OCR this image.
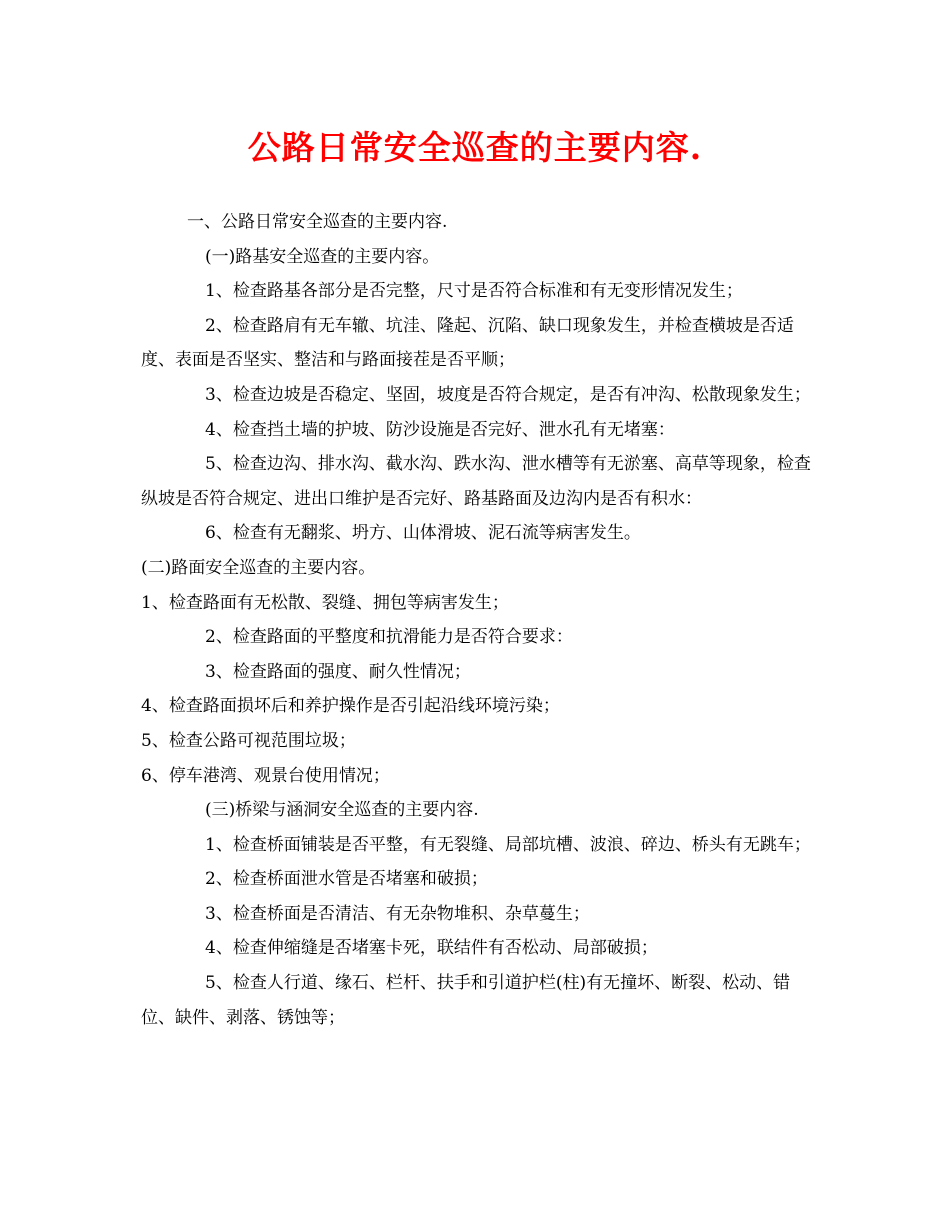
公路日常安全巡查的主要内容.

一、公路日常安全巡查的主要内容.

(一)路基安全巡查的主要内容。

1、检查路基各部分是否完整，尺寸是否符合标准和有无变形情况发生；

2、检查路肩有无车辙、坑洼、隆起、沉陷、缺口现象发生，并检查横坡是否适度、表面是否坚实、整洁和与路面接茬是否平顺；

3、检查边坡是否稳定、坚固，坡度是否符合规定，是否有冲沟、松散现象发生；

4、检查挡土墙的护坡、防沙设施是否完好、泄水孔有无堵塞：

5、检查边沟、排水沟、截水沟、跌水沟、泄水槽等有无淤塞、高草等现象，检查纵坡是否符合规定、进出口维护是否完好、路基路面及边沟内是否有积水：

6、检查有无翻浆、坍方、山体滑坡、泥石流等病害发生。

(二)路面安全巡查的主要内容。

1、检查路面有无松散、裂缝、拥包等病害发生；

2、检查路面的平整度和抗滑能力是否符合要求：

3、检查路面的强度、耐久性情况；

4、检查路面损坏后和养护操作是否引起沿线环境污染；

5、检查公路可视范围垃圾；

6、停车港湾、观景台使用情况；

(三)桥梁与涵洞安全巡查的主要内容.

1、检查桥面铺装是否平整，有无裂缝、局部坑槽、波浪、碎边、桥头有无跳车；

2、检查桥面泄水管是否堵塞和破损；

3、检查桥面是否清洁、有无杂物堆积、杂草蔓生；

4、检查伸缩缝是否堵塞卡死，联结件有否松动、局部破损；

5、检查人行道、缘石、栏杆、扶手和引道护栏(柱)有无撞坏、断裂、松动、错位、缺件、剥落、锈蚀等；
